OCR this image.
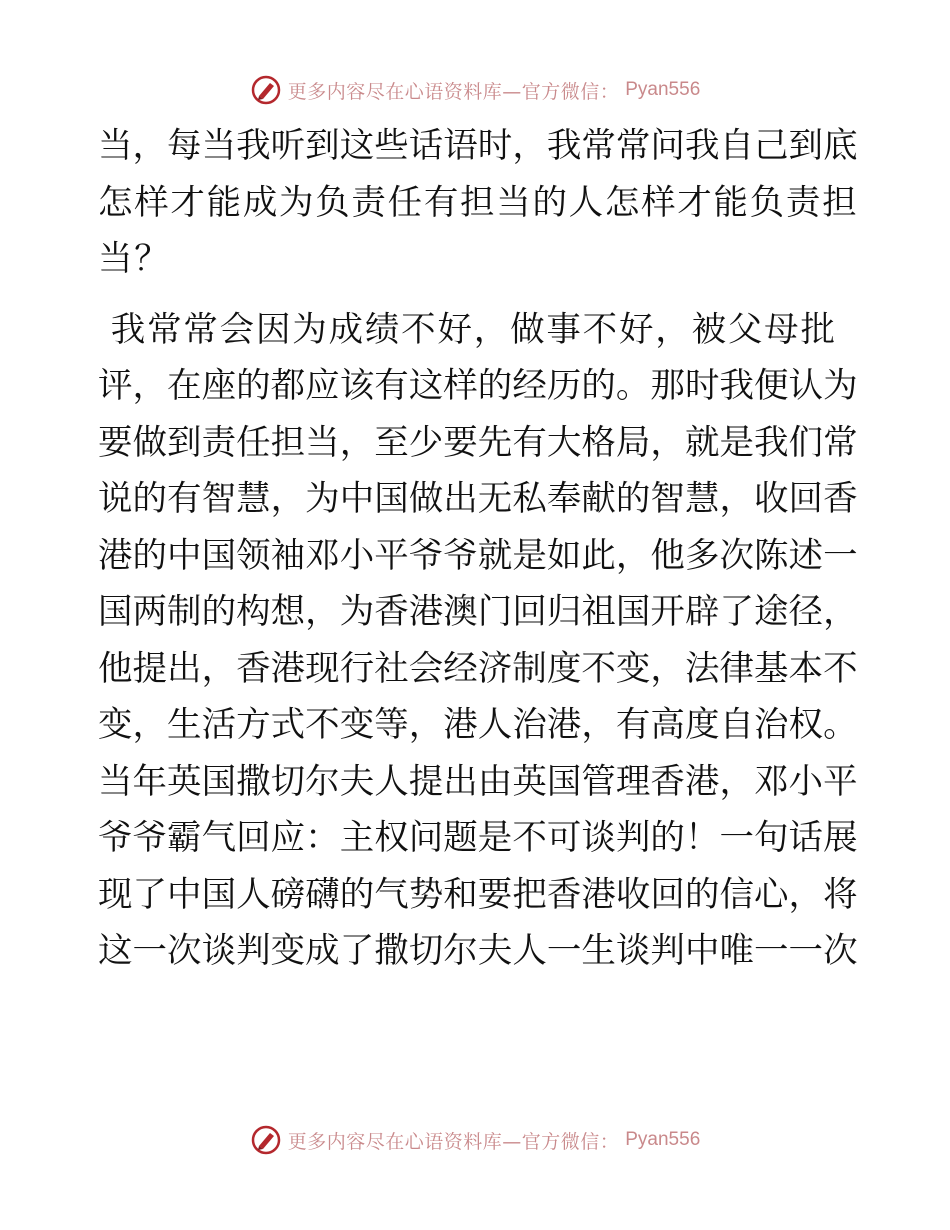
更多内容尽在心语资料库—官方微信： Pyan556

当，每当我听到这些话语时，我常常问我自己到底
怎样才能成为负责任有担当的人怎样才能负责担
当？

我常常会因为成绩不好，做事不好，被父母批
评，在座的都应该有这样的经历的。那时我便认为
要做到责任担当，至少要先有大格局，就是我们常
说的有智慧，为中国做出无私奉献的智慧，收回香
港的中国领袖邓小平爷爷就是如此，他多次陈述一
国两制的构想，为香港澳门回归祖国开辟了途径，
他提出，香港现行社会经济制度不变，法律基本不
变，生活方式不变等，港人治港，有高度自治权。
当年英国撒切尔夫人提出由英国管理香港，邓小平
爷爷霸气回应：主权问题是不可谈判的！一句话展
现了中国人磅礴的气势和要把香港收回的信心，将
这一次谈判变成了撒切尔夫人一生谈判中唯一一次

更多内容尽在心语资料库—官方微信： Pyan556
